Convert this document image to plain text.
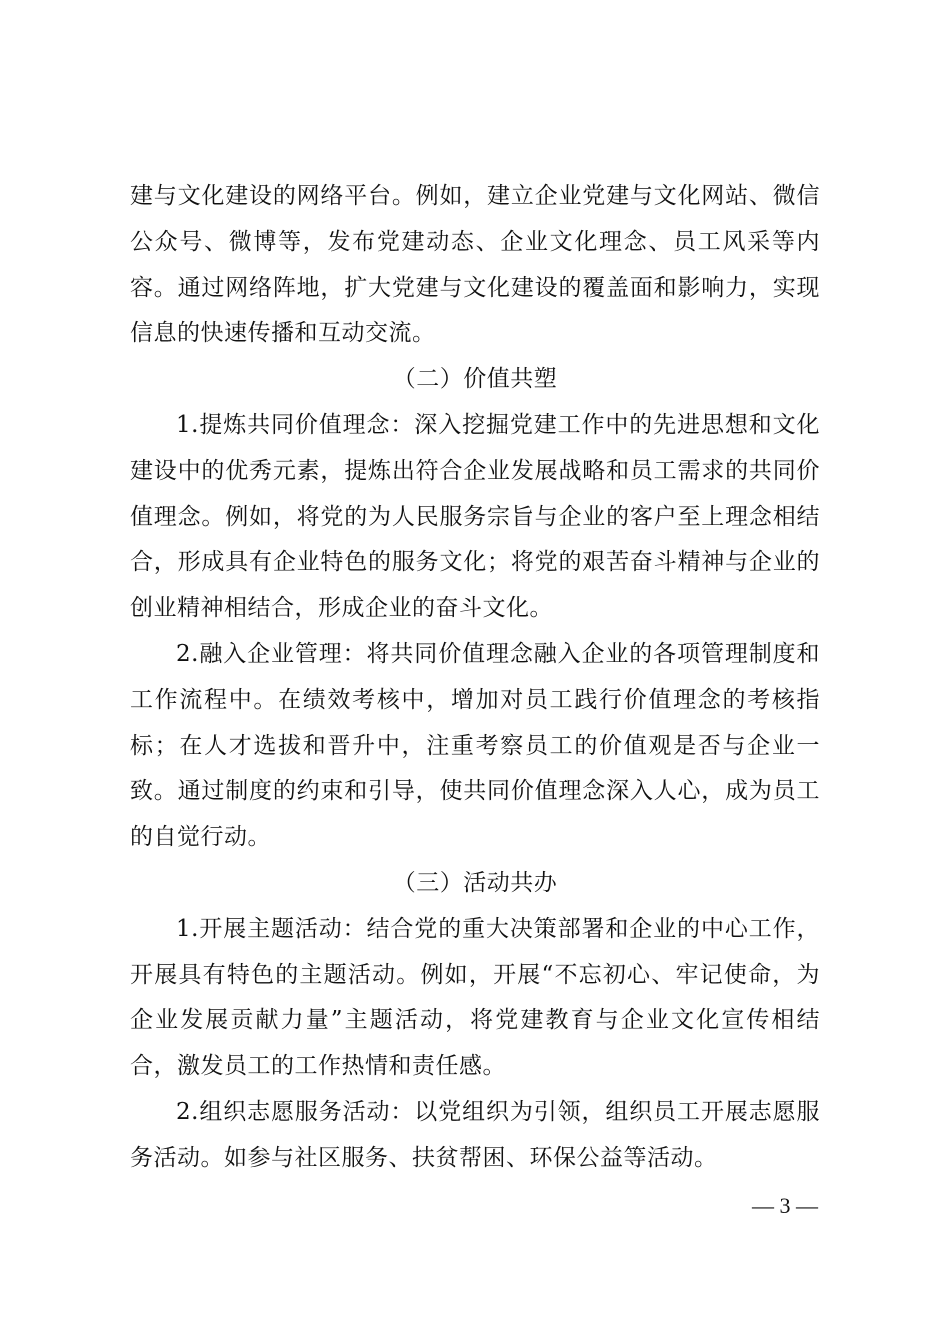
建与文化建设的网络平台。例如，建立企业党建与文化网站、微信公众号、微博等，发布党建动态、企业文化理念、员工风采等内容。通过网络阵地，扩大党建与文化建设的覆盖面和影响力，实现信息的快速传播和互动交流。

（二）价值共塑

1.提炼共同价值理念：深入挖掘党建工作中的先进思想和文化建设中的优秀元素，提炼出符合企业发展战略和员工需求的共同价值理念。例如，将党的为人民服务宗旨与企业的客户至上理念相结合，形成具有企业特色的服务文化；将党的艰苦奋斗精神与企业的创业精神相结合，形成企业的奋斗文化。

2.融入企业管理：将共同价值理念融入企业的各项管理制度和工作流程中。在绩效考核中，增加对员工践行价值理念的考核指标；在人才选拔和晋升中，注重考察员工的价值观是否与企业一致。通过制度的约束和引导，使共同价值理念深入人心，成为员工的自觉行动。

（三）活动共办

1.开展主题活动：结合党的重大决策部署和企业的中心工作，开展具有特色的主题活动。例如，开展“不忘初心、牢记使命，为企业发展贡献力量”主题活动，将党建教育与企业文化宣传相结合，激发员工的工作热情和责任感。

2.组织志愿服务活动：以党组织为引领，组织员工开展志愿服务活动。如参与社区服务、扶贫帮困、环保公益等活动。

— 3 —
